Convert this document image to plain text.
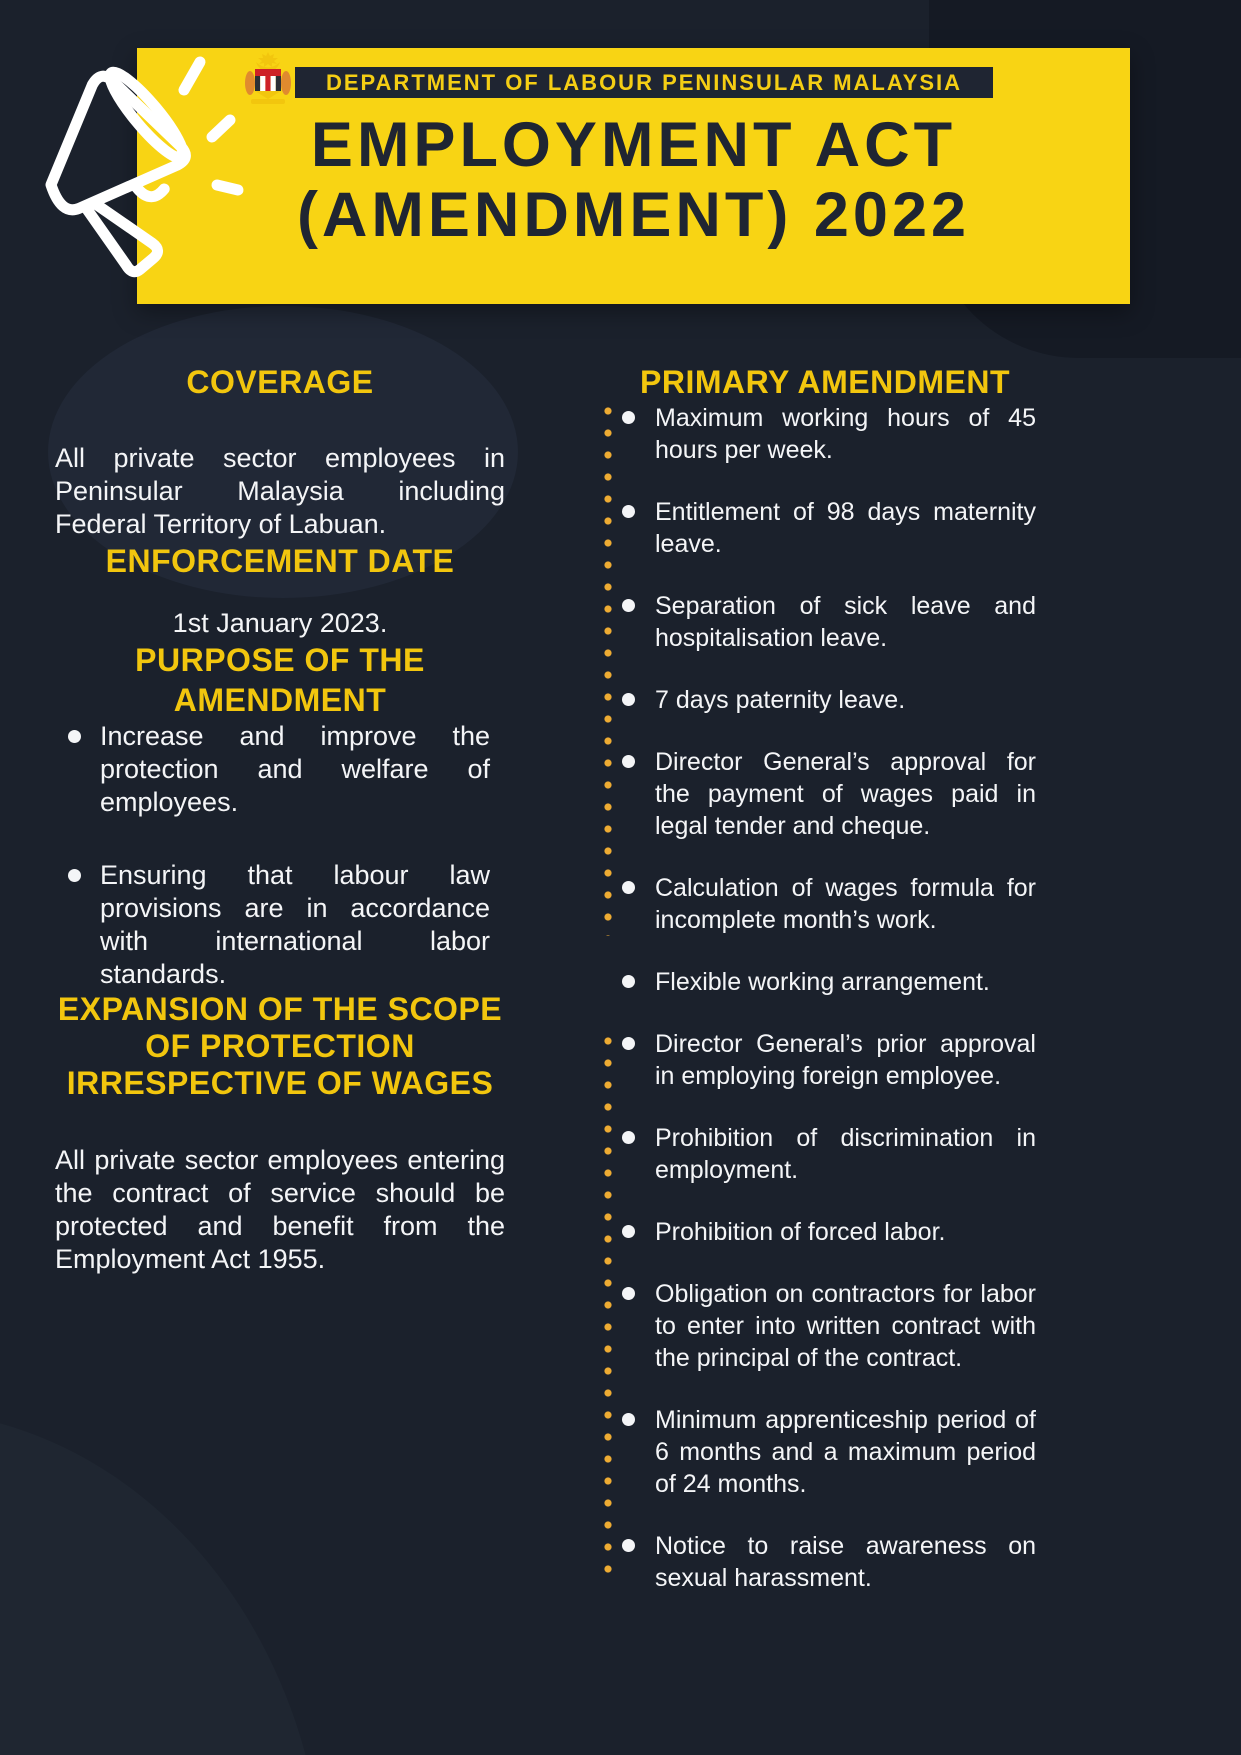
DEPARTMENT OF LABOUR PENINSULAR MALAYSIA
EMPLOYMENT ACT
(AMENDMENT) 2022
COVERAGE

All private sector employees in Peninsular Malaysia including Federal Territory of Labuan.

ENFORCEMENT DATE

1st January 2023.

PURPOSE OF THE
AMENDMENT
Increase and improve the protection and welfare of employees.
Ensuring that labour law provisions are in accordance with international labor standards.
EXPANSION OF THE SCOPE
OF PROTECTION
IRRESPECTIVE OF WAGES

All private sector employees entering the contract of service should be protected and benefit from the Employment Act 1955.

PRIMARY AMENDMENT
Maximum working hours of 45 hours per week.
Entitlement of 98 days maternity leave.
Separation of sick leave and hospitalisation leave.
7 days paternity leave.
Director General’s approval for the payment of wages paid in legal tender and cheque.
Calculation of wages formula for incomplete month’s work.
Flexible working arrangement.
Director General’s prior approval in employing foreign employee.
Prohibition of discrimination in employment.
Prohibition of forced labor.
Obligation on contractors for labor to enter into written contract with the principal of the contract.
Minimum apprenticeship period of 6 months and a maximum period of 24 months.
Notice to raise awareness on sexual harassment.
